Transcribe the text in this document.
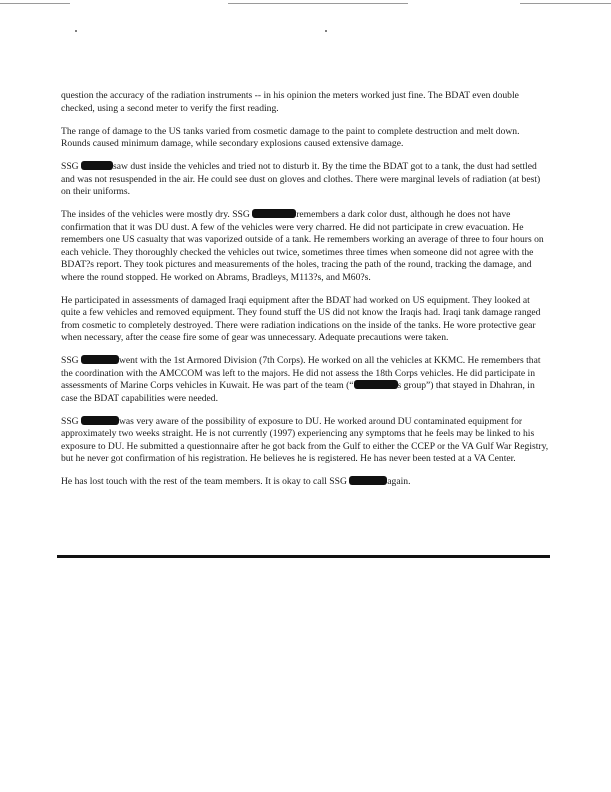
question the accuracy of the radiation instruments -- in his opinion the meters worked just fine. The BDAT even double checked, using a second meter to verify the first reading.

The range of damage to the US tanks varied from cosmetic damage to the paint to complete destruction and melt down. Rounds caused minimum damage, while secondary explosions caused extensive damage.

SSG	saw dust inside the vehicles and tried not to disturb it. By the time the BDAT got to a tank, the dust had settled and was not resuspended in the air. He could see dust on gloves and clothes. There were marginal levels of radiation (at best) on their uniforms.

The insides of the vehicles were mostly dry. SSG	remembers a dark color dust, although he does not have confirmation that it was DU dust. A few of the vehicles were very charred. He did not participate in crew evacuation. He remembers one US casualty that was vaporized outside of a tank. He remembers working an average of three to four hours on each vehicle. They thoroughly checked the vehicles out twice, sometimes three times when someone did not agree with the BDAT?s report. They took pictures and measurements of the holes, tracing the path of the round, tracking the damage, and where the round stopped. He worked on Abrams, Bradleys, M113?s, and M60?s.

He participated in assessments of damaged Iraqi equipment after the BDAT had worked on US equipment. They looked at quite a few vehicles and removed equipment. They found stuff the US did not know the Iraqis had. Iraqi tank damage ranged from cosmetic to completely destroyed. There were radiation indications on the inside of the tanks. He wore protective gear when necessary, after the cease fire some of gear was unnecessary. Adequate precautions were taken.

SSG	went with the 1st Armored Division (7th Corps). He worked on all the vehicles at KKMC. He remembers that the coordination with the AMCCOM was left to the majors. He did not assess the 18th Corps vehicles. He did participate in assessments of Marine Corps vehicles in Kuwait. He was part of the team (“	s group”) that stayed in Dhahran, in case the BDAT capabilities were needed.

SSG	was very aware of the possibility of exposure to DU. He worked around DU contaminated equipment for approximately two weeks straight. He is not currently (1997) experiencing any symptoms that he feels may be linked to his exposure to DU. He submitted a questionnaire after he got back from the Gulf to either the CCEP or the VA Gulf War Registry, but he never got confirmation of his registration. He believes he is registered. He has never been tested at a VA Center.

He has lost touch with the rest of the team members. It is okay to call SSG	again.
